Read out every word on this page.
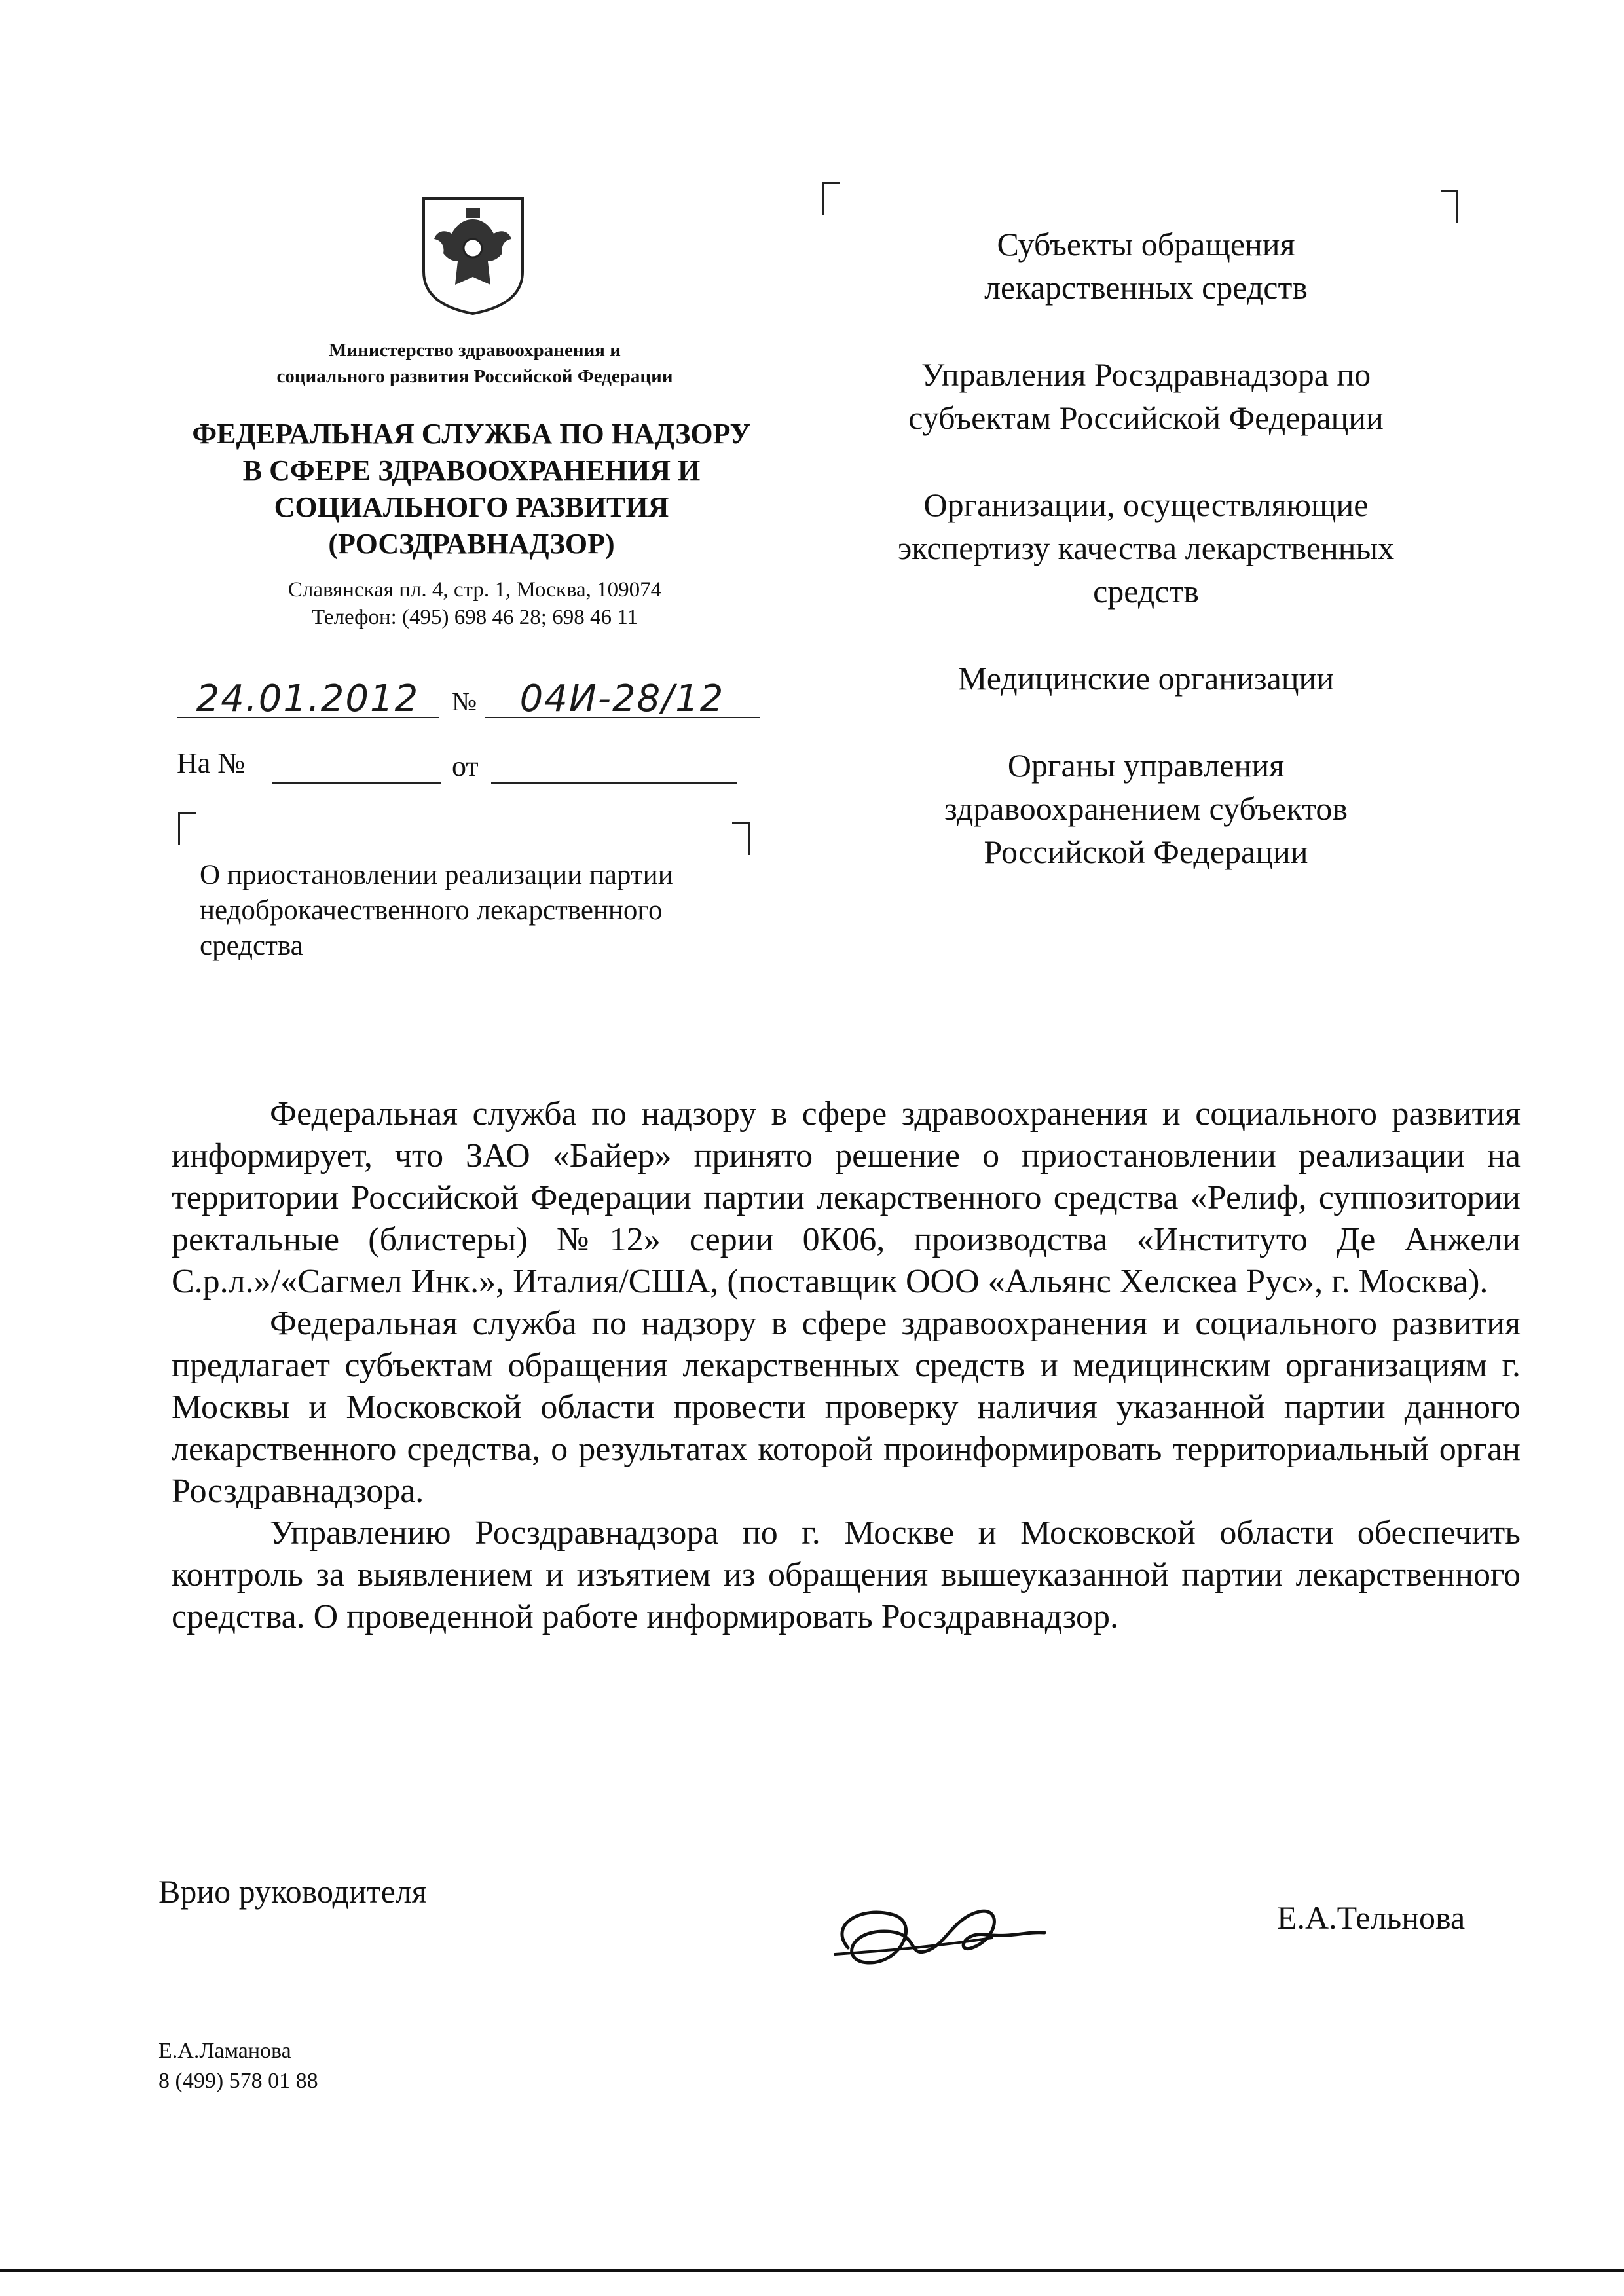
Министерство здравоохранения и
социального развития Российской Федерации
ФЕДЕРАЛЬНАЯ СЛУЖБА ПО НАДЗОРУ
В СФЕРЕ ЗДРАВООХРАНЕНИЯ И
СОЦИАЛЬНОГО РАЗВИТИЯ
(РОСЗДРАВНАДЗОР)
Славянская пл. 4, стр. 1, Москва, 109074
Телефон: (495) 698 46 28; 698 46 11
24.01.2012	№	04И-28/12
На №	от
О приостановлении реализации партии
недоброкачественного лекарственного
средства
Субъекты обращения
лекарственных средств
Управления Росздравнадзора по
субъектам Российской Федерации
Организации, осуществляющие
экспертизу качества лекарственных
средств
Медицинские организации
Органы управления
здравоохранением субъектов
Российской Федерации

Федеральная служба по надзору в сфере здравоохранения и социального развития информирует, что ЗАО «Байер» принято решение о приостановлении реализации на территории Российской Федерации партии лекарственного средства «Релиф, суппозитории ректальные (блистеры) №12» серии 0К06, производства «Институто Де Анжели С.р.л.»/«Сагмел Инк.», Италия/США, (поставщик ООО «Альянс Хелскеа Рус», г. Москва).

Федеральная служба по надзору в сфере здравоохранения и социального развития предлагает субъектам обращения лекарственных средств и медицинским организациям г. Москвы и Московской области провести проверку наличия указанной партии данного лекарственного средства, о результатах которой проинформировать территориальный орган Росздравнадзора.

Управлению Росздравнадзора по г. Москве и Московской области обеспечить контроль за выявлением и изъятием из обращения вышеуказанной партии лекарственного средства. О проведенной работе информировать Росздравнадзор.

Врио руководителя
Е.А.Тельнова
Е.А.Ламанова
8 (499) 578 01 88
